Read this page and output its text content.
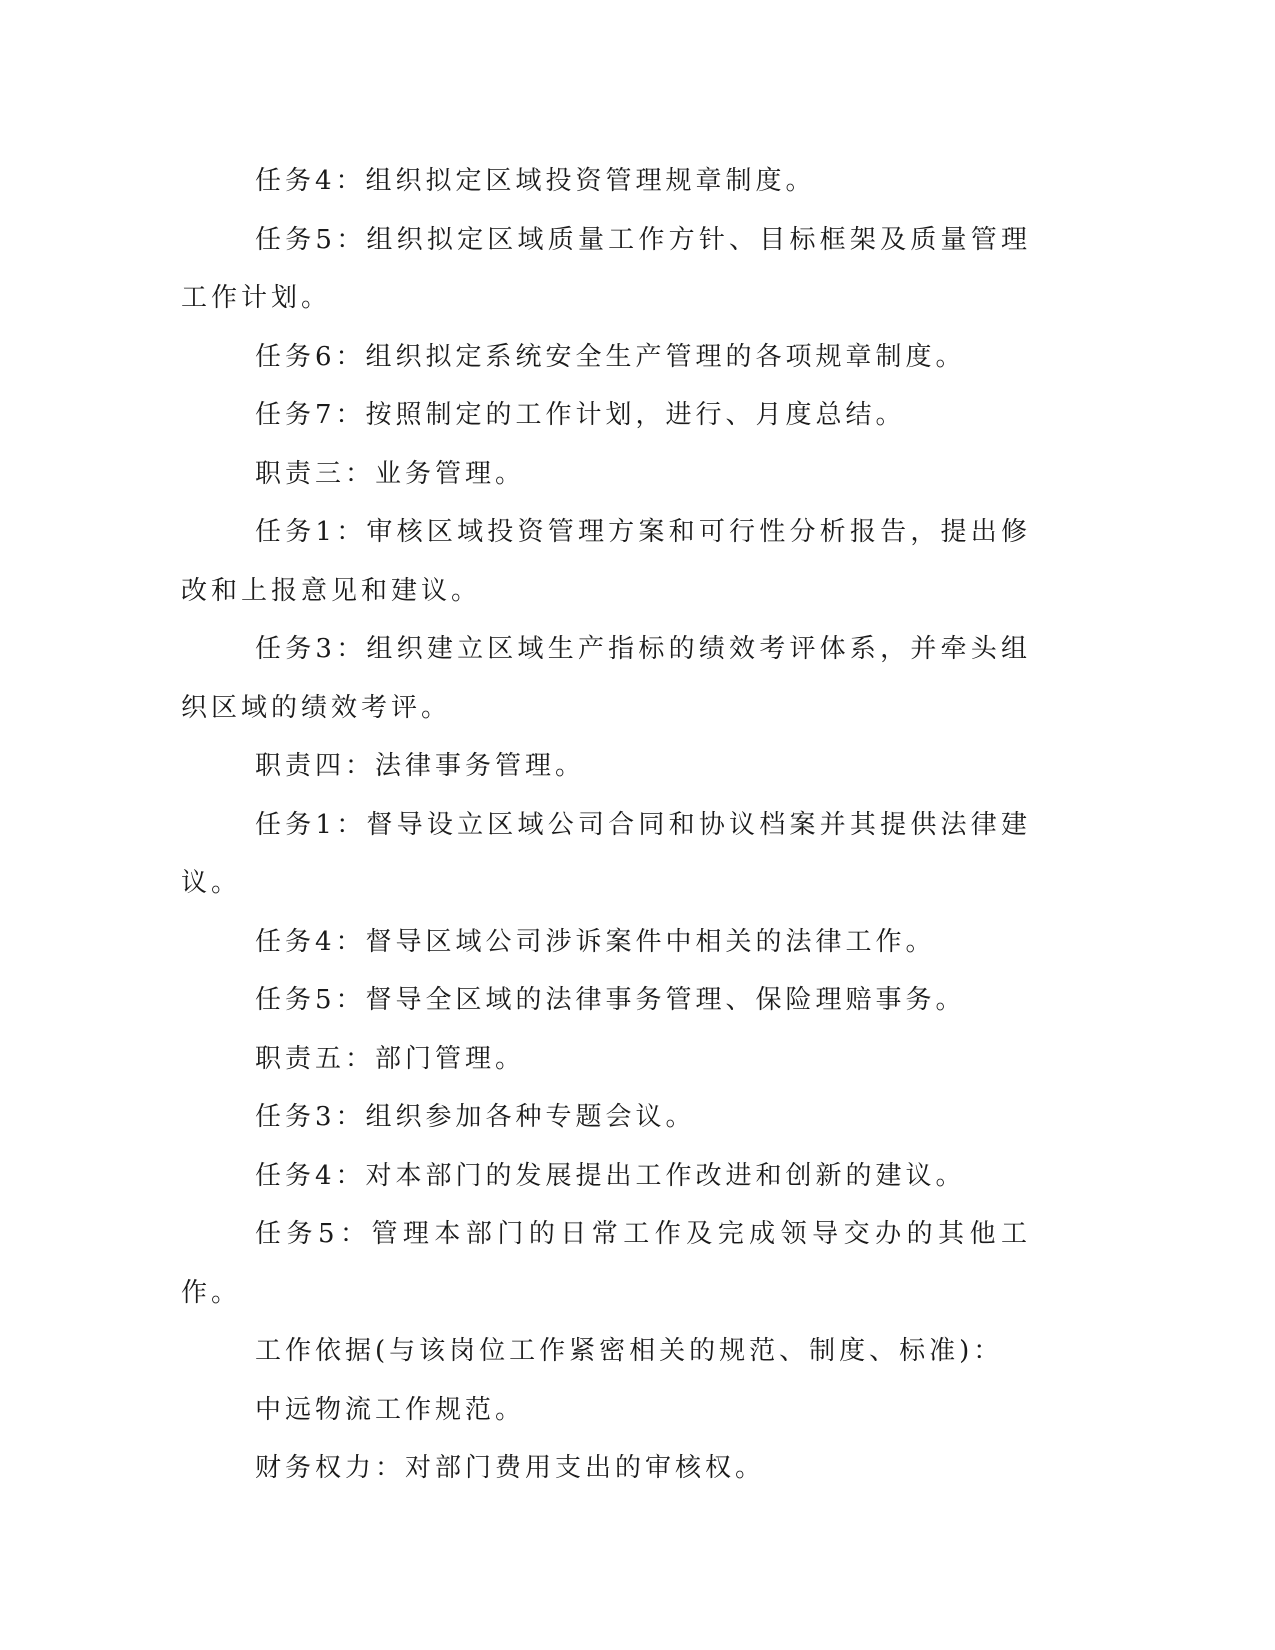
任务4：组织拟定区域投资管理规章制度。

任务5：组织拟定区域质量工作方针、目标框架及质量管理工作计划。

任务6：组织拟定系统安全生产管理的各项规章制度。

任务7：按照制定的工作计划，进行、月度总结。

职责三：业务管理。

任务1：审核区域投资管理方案和可行性分析报告，提出修改和上报意见和建议。

任务3：组织建立区域生产指标的绩效考评体系，并牵头组织区域的绩效考评。

职责四：法律事务管理。

任务1：督导设立区域公司合同和协议档案并其提供法律建议。

任务4：督导区域公司涉诉案件中相关的法律工作。

任务5：督导全区域的法律事务管理、保险理赔事务。

职责五：部门管理。

任务3：组织参加各种专题会议。

任务4：对本部门的发展提出工作改进和创新的建议。

任务5：管理本部门的日常工作及完成领导交办的其他工作。

工作依据(与该岗位工作紧密相关的规范、制度、标准)：

中远物流工作规范。

财务权力：对部门费用支出的审核权。
